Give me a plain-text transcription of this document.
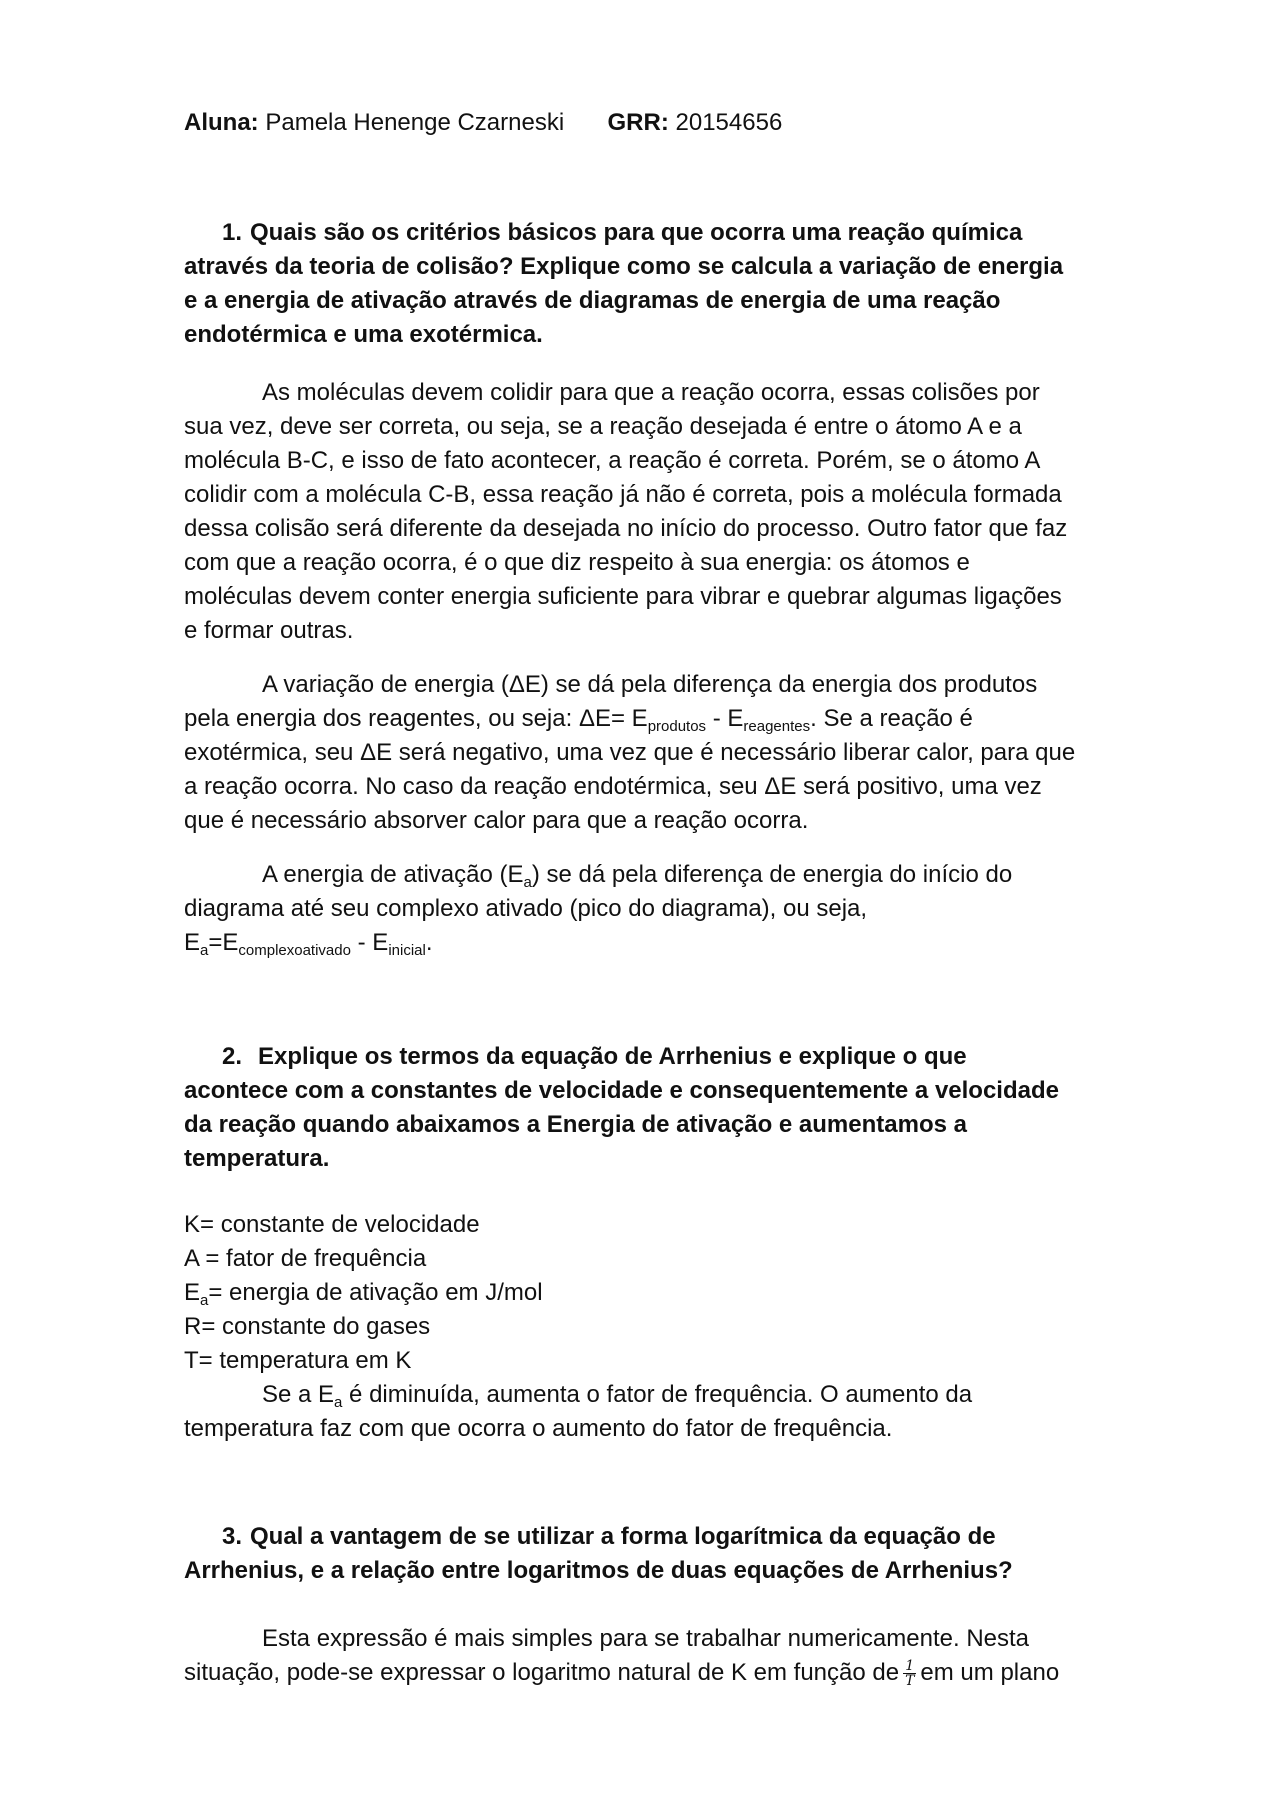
Aluna: Pamela Henenge Czarneski GRR: 20154656
1. Quais são os critérios básicos para que ocorra uma reação química
através da teoria de colisão? Explique como se calcula a variação de energia
e a energia de ativação através de diagramas de energia de uma reação
endotérmica e uma exotérmica.
As moléculas devem colidir para que a reação ocorra, essas colisões por
sua vez, deve ser correta, ou seja, se a reação desejada é entre o átomo A e a
molécula B-C, e isso de fato acontecer, a reação é correta. Porém, se o átomo A
colidir com a molécula C-B, essa reação já não é correta, pois a molécula formada
dessa colisão será diferente da desejada no início do processo. Outro fator que faz
com que a reação ocorra, é o que diz respeito à sua energia: os átomos e
moléculas devem conter energia suficiente para vibrar e quebrar algumas ligações
e formar outras.
A variação de energia (ΔE) se dá pela diferença da energia dos produtos
pela energia dos reagentes, ou seja: $\Delta E= E_{produtos} - E_{reagentes}$. Se a reação é
exotérmica, seu ΔE será negativo, uma vez que é necessário liberar calor, para que
a reação ocorra. No caso da reação endotérmica, seu ΔE será positivo, uma vez
que é necessário absorver calor para que a reação ocorra.
A energia de ativação $(E_a)$ se dá pela diferença de energia do início do
diagrama até seu complexo ativado (pico do diagrama), ou seja,
$E_a=E_{complexoativado} - E_{inicial}$.
2. Explique os termos da equação de Arrhenius e explique o que
acontece com a constantes de velocidade e consequentemente a velocidade
da reação quando abaixamos a Energia de ativação e aumentamos a
temperatura.
K= constante de velocidade
A = fator de frequência
$E_a=$ energia de ativação em J/mol
R= constante do gases
T= temperatura em K
Se a $E_a$ é diminuída, aumenta o fator de frequência. O aumento da
temperatura faz com que ocorra o aumento do fator de frequência.
3. Qual a vantagem de se utilizar a forma logarítmica da equação de
Arrhenius, e a relação entre logaritmos de duas equações de Arrhenius?
Esta expressão é mais simples para se trabalhar numericamente. Nesta
situação, pode-se expressar o logaritmo natural de K em função de $\frac{1}{T}$ em um plano
